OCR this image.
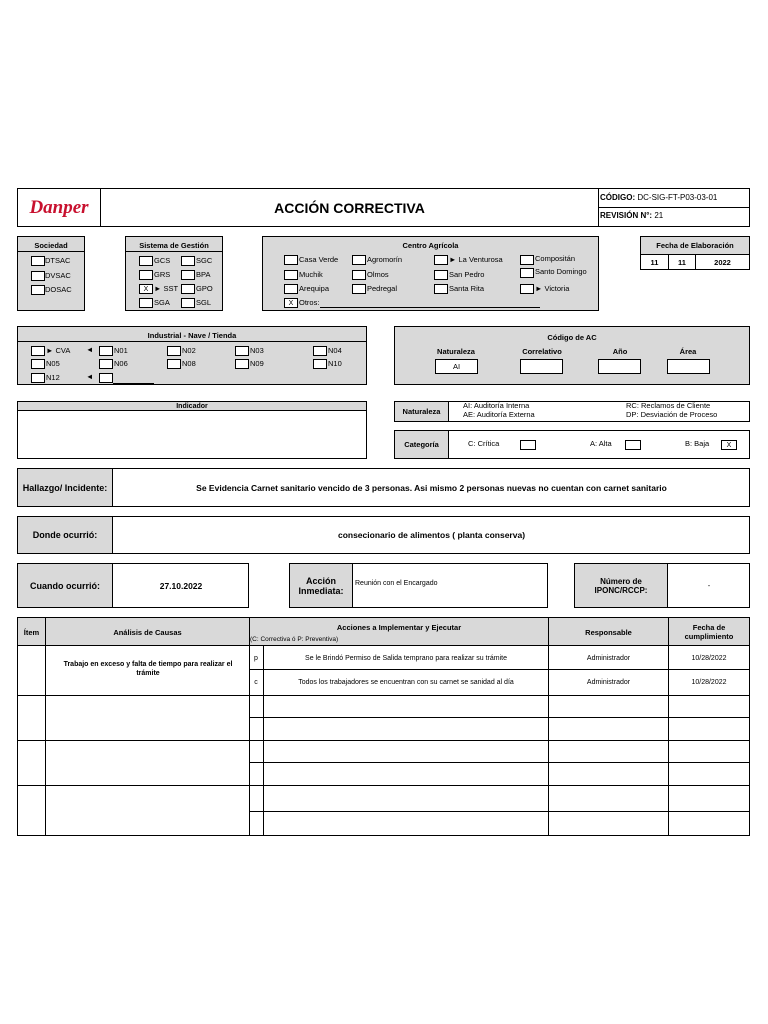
Danper	ACCIÓN CORRECTIVA
CÓDIGO: DC-SIG-FT-P03-03-01
REVISIÓN N°: 21
Sociedad
DTSAC
DVSAC
DOSAC
Sistema de Gestión
GCS
GRS
X ► SST
SGA
SGC
BPA
GPO
SGL
Centro Agrícola
Casa Verde
Muchik
Arequipa
Agromorín
Olmos
Pedregal
► La Venturosa
San Pedro
Santa Rita
Compositán
Santo Domingo
► Victoria
X Otros:
Fecha de Elaboración
11	11	2022
Industrial - Nave / Tienda
► CVA
N05
N12
◄
◄
N01
N06
N02
N08
N03
N09
N04
N10
Código de AC
Naturaleza	Correlativo	Año	Área
AI
Indicador
Naturaleza
AI: Auditoría Interna
AE: Auditoría Externa
RC: Reclamos de Cliente
DP: Desviación de Proceso
Categoría	C: Crítica	A: Alta	B: Baja	X
Hallazgo/ Incidente:	Se Evidencia Carnet sanitario vencido de 3 personas. Asi mismo 2 personas nuevas no cuentan con carnet sanitario
Donde ocurrió:	consecionario de alimentos ( planta conserva)
Cuando ocurrió:	27.10.2022	Acción
Inmediata:
Reunión con el Encargado	Número de
IPONC/RCCP:	-
Ítem	Análisis de Causas
Acciones a Implementar y Ejecutar
(C: Correctiva ó P: Preventiva)
Responsable	Fecha de
cumplimiento
Trabajo en exceso y falta de tiempo para realizar el trámite
p	Se le Brindó Permiso de Salida temprano para realizar su trámite	Administrador	10/28/2022
c	Todos los trabajadores se encuentran con su carnet se sanidad al día	Administrador	10/28/2022
